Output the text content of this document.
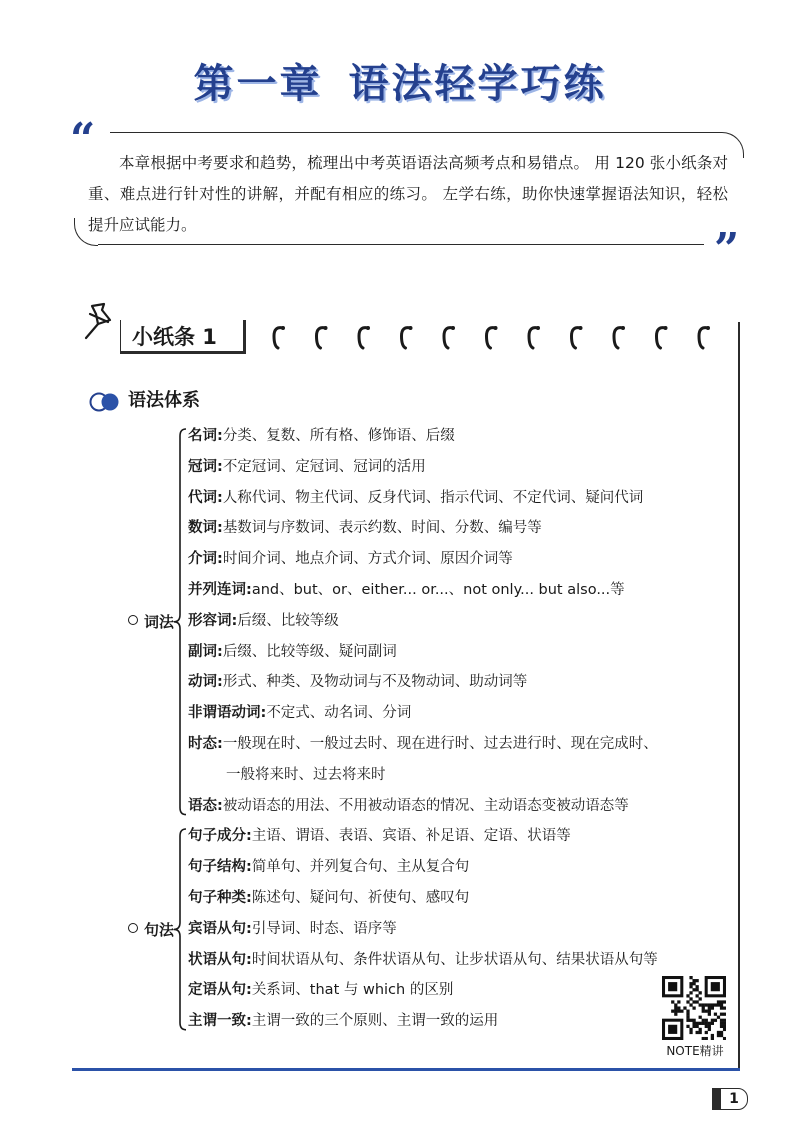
第一章 语法轻学巧练
“	本章根据中考要求和趋势，梳理出中考英语语法高频考点和易错点。 用 120 张小纸条对重、难点进行针对性的讲解，并配有相应的练习。 左学右练，助你快速掌握语法知识，轻松提升应试能力。	”
小纸条 1
语法体系
名词:分类、复数、所有格、修饰语、后缀
冠词:不定冠词、定冠词、冠词的活用
代词:人称代词、物主代词、反身代词、指示代词、不定代词、疑问代词
数词:基数词与序数词、表示约数、时间、分数、编号等
介词:时间介词、地点介词、方式介词、原因介词等
并列连词:and、but、or、either... or...、not only... but also...等
形容词:后缀、比较等级
副词:后缀、比较等级、疑问副词
动词:形式、种类、及物动词与不及物动词、助动词等
非谓语动词:不定式、动名词、分词
时态:一般现在时、一般过去时、现在进行时、过去进行时、现在完成时、
一般将来时、过去将来时
语态:被动语态的用法、不用被动语态的情况、主动语态变被动语态等
词法
句子成分:主语、谓语、表语、宾语、补足语、定语、状语等
句子结构:简单句、并列复合句、主从复合句
句子种类:陈述句、疑问句、祈使句、感叹句
宾语从句:引导词、时态、语序等
状语从句:时间状语从句、条件状语从句、让步状语从句、结果状语从句等
定语从句:关系词、that 与 which 的区别
主谓一致:主谓一致的三个原则、主谓一致的运用
句法
NOTE精讲
1
